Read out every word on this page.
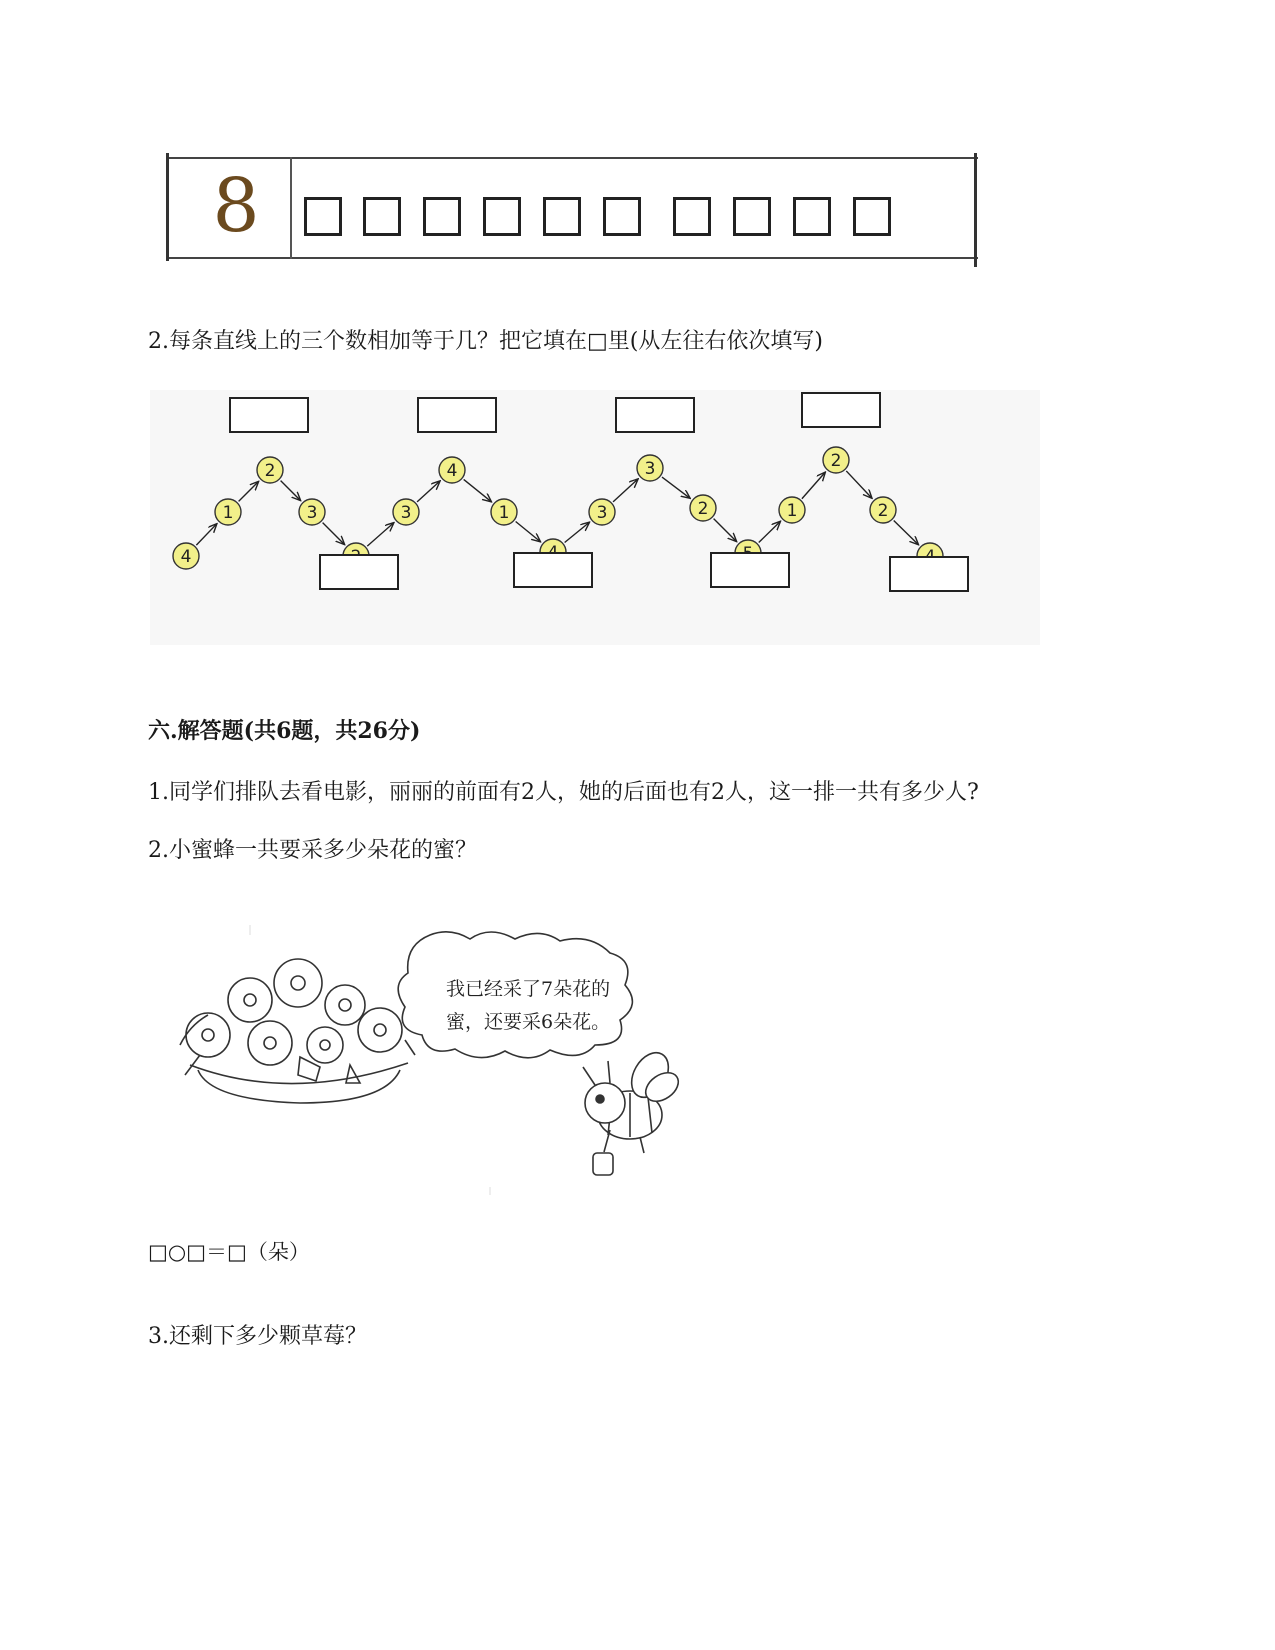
8
2.每条直线上的三个数相加等于几？把它填在□里(从左往右依次填写)
4
1
2
3	3
4
1	3
3
2	1
2
2
六.解答题(共6题，共26分)
1.同学们排队去看电影，丽丽的前面有2人，她的后面也有2人，这一排一共有多少人?
2.小蜜蜂一共要采多少朵花的蜜？
我已经采了7朵花的
蜜，还要采6朵花。
□○□＝□（朵）
3.还剩下多少颗草莓？
